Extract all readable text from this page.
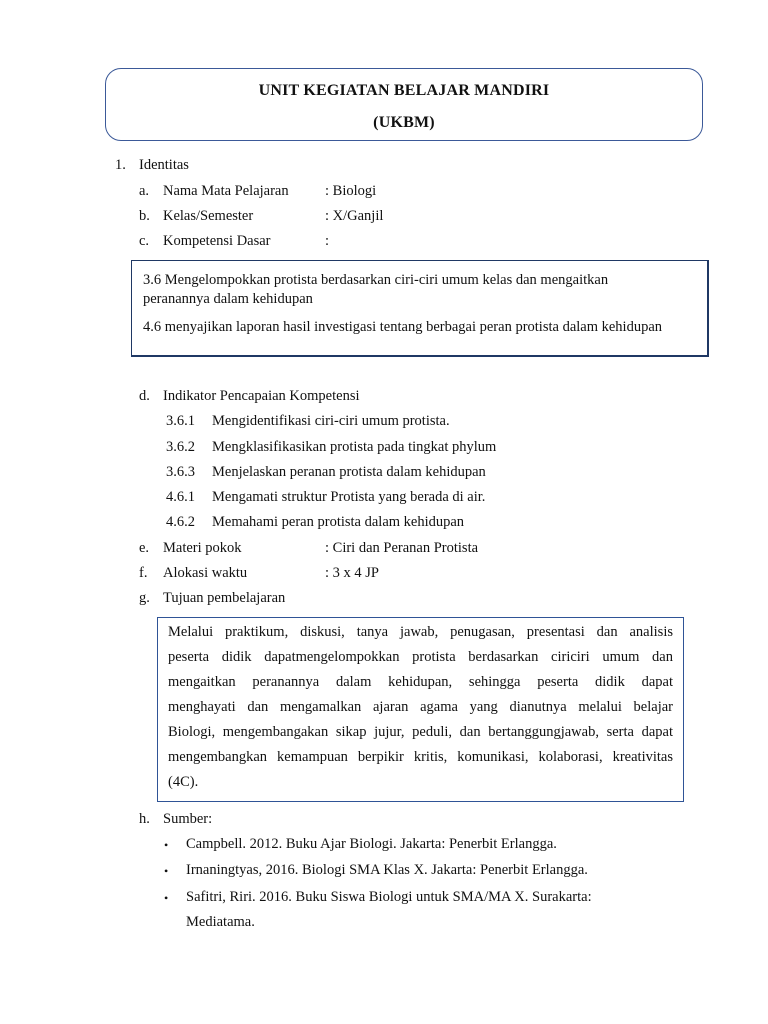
UNIT KEGIATAN BELAJAR MANDIRI
(UKBM)
1. Identitas
a. Nama Mata Pelajaran	: Biologi
b. Kelas/Semester	: X/Ganjil
c. Kompetensi Dasar	:
3.6 Mengelompokkan protista berdasarkan ciri-ciri umum kelas dan mengaitkan
peranannya dalam kehidupan
4.6 menyajikan laporan hasil investigasi tentang berbagai peran protista dalam kehidupan
d. Indikator Pencapaian Kompetensi
3.6.1 Mengidentifikasi ciri-ciri umum protista.
3.6.2 Mengklasifikasikan protista pada tingkat phylum
3.6.3 Menjelaskan peranan protista dalam kehidupan
4.6.1 Mengamati struktur Protista yang berada di air.
4.6.2 Memahami peran protista dalam kehidupan
e. Materi pokok	: Ciri dan Peranan Protista
f. Alokasi waktu	: 3 x 4 JP
g. Tujuan pembelajaran
Melalui praktikum, diskusi, tanya jawab, penugasan, presentasi dan analisis
peserta didik dapatmengelompokkan protista berdasarkan ciriciri umum dan
mengaitkan peranannya dalam kehidupan, sehingga peserta didik dapat
menghayati dan mengamalkan ajaran agama yang dianutnya melalui belajar
Biologi, mengembangakan sikap jujur, peduli, dan bertanggungjawab, serta dapat
mengembangkan kemampuan berpikir kritis, komunikasi, kolaborasi, kreativitas
(4C).
h. Sumber:
• Campbell. 2012. Buku Ajar Biologi. Jakarta: Penerbit Erlangga.
• Irnaningtyas, 2016. Biologi SMA Klas X. Jakarta: Penerbit Erlangga.
• Safitri, Riri. 2016. Buku Siswa Biologi untuk SMA/MA X. Surakarta:
Mediatama.
